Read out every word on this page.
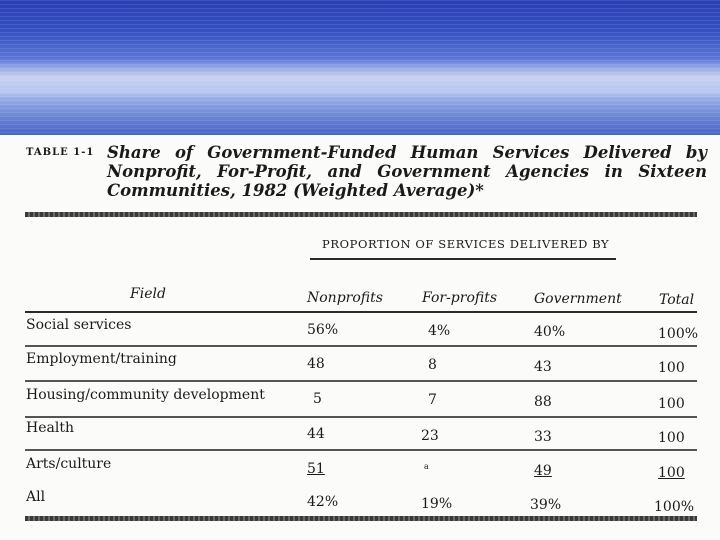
TABLE 1-1 Share of Government-Funded Human Services Delivered by Nonprofit, For-Profit, and Government Agencies in Sixteen Communities, 1982 (Weighted Average)*
PROPORTION OF SERVICES DELIVERED BY
Field	Nonprofits	For-profits	Government	Total
Social services	56%	4%	40%	100%
Employment/training	48	8	43	100
Housing/community development	5	7	88	100
Health	44	23	33	100
Arts/culture	51	a	49	100
All	42%	19%	39%	100%
